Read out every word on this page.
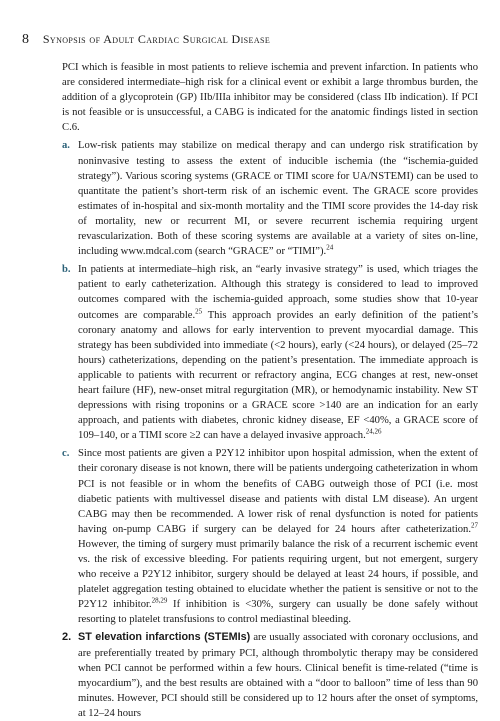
8 Synopsis of Adult Cardiac Surgical Disease

PCI which is feasible in most patients to relieve ischemia and prevent infarction. In patients who are considered intermediate–high risk for a clinical event or exhibit a large thrombus burden, the addition of a glycoprotein (GP) IIb/IIIa inhibitor may be considered (class IIb indication). If PCI is not feasible or is unsuccessful, a CABG is indicated for the anatomic findings listed in section C.6.

a. Low-risk patients may stabilize on medical therapy and can undergo risk stratification by noninvasive testing to assess the extent of inducible ischemia (the “ischemia-guided strategy”). Various scoring systems (GRACE or TIMI score for UA/NSTEMI) can be used to quantitate the patient’s short-term risk of an ischemic event. The GRACE score provides estimates of in-hospital and six-month mortality and the TIMI score provides the 14-day risk of mortality, new or recurrent MI, or severe recurrent ischemia requiring urgent revascularization. Both of these scoring systems are available at a variety of sites on-line, including www.mdcal.com (search “GRACE” or “TIMI”).$^{24}$
b. In patients at intermediate–high risk, an “early invasive strategy” is used, which triages the patient to early catheterization. Although this strategy is considered to lead to improved outcomes compared with the ischemia-guided approach, some studies show that 10-year outcomes are comparable.$^{25}$ This approach provides an early definition of the patient’s coronary anatomy and allows for early intervention to prevent myocardial damage. This strategy has been subdivided into immediate (<2 hours), early (<24 hours), or delayed (25–72 hours) catheterizations, depending on the patient’s presentation. The immediate approach is applicable to patients with recurrent or refractory angina, ECG changes at rest, new-onset heart failure (HF), new-onset mitral regurgitation (MR), or hemodynamic instability. New ST depressions with rising troponins or a GRACE score >140 are an indication for an early approach, and patients with diabetes, chronic kidney disease, EF <40%, a GRACE score of 109–140, or a TIMI score ≥2 can have a delayed invasive approach.$^{24,26}$
c. Since most patients are given a P2Y12 inhibitor upon hospital admission, when the extent of their coronary disease is not known, there will be patients undergoing catheterization in whom PCI is not feasible or in whom the benefits of CABG outweigh those of PCI (i.e. most diabetic patients with multivessel disease and patients with distal LM disease). An urgent CABG may then be recommended. A lower risk of renal dysfunction is noted for patients having on-pump CABG if surgery can be delayed for 24 hours after catheterization.$^{27}$ However, the timing of surgery must primarily balance the risk of a recurrent ischemic event vs. the risk of excessive bleeding. For patients requiring urgent, but not emergent, surgery who receive a P2Y12 inhibitor, surgery should be delayed at least 24 hours, if possible, and platelet aggregation testing obtained to elucidate whether the patient is sensitive or not to the P2Y12 inhibitor.$^{28,29}$ If inhibition is <30%, surgery can usually be done safely without resorting to platelet transfusions to control mediastinal bleeding.

2. ST elevation infarctions (STEMIs) are usually associated with coronary occlusions, and are preferentially treated by primary PCI, although thrombolytic therapy may be considered when PCI cannot be performed within a few hours. Clinical benefit is time-related (“time is myocardium”), and the best results are obtained with a “door to balloon” time of less than 90 minutes. However, PCI should still be considered up to 12 hours after the onset of symptoms, at 12–24 hours
